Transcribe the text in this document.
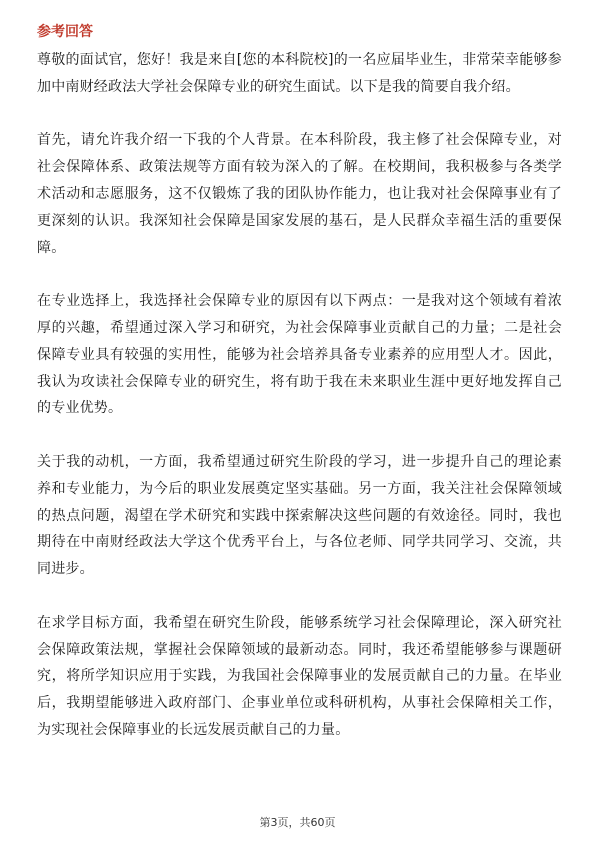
参考回答

尊敬的面试官，您好！我是来自[您的本科院校]的一名应届毕业生，非常荣幸能够参加中南财经政法大学社会保障专业的研究生面试。以下是我的简要自我介绍。

首先，请允许我介绍一下我的个人背景。在本科阶段，我主修了社会保障专业，对社会保障体系、政策法规等方面有较为深入的了解。在校期间，我积极参与各类学术活动和志愿服务，这不仅锻炼了我的团队协作能力，也让我对社会保障事业有了更深刻的认识。我深知社会保障是国家发展的基石，是人民群众幸福生活的重要保障。

在专业选择上，我选择社会保障专业的原因有以下两点：一是我对这个领域有着浓厚的兴趣，希望通过深入学习和研究，为社会保障事业贡献自己的力量；二是社会保障专业具有较强的实用性，能够为社会培养具备专业素养的应用型人才。因此，我认为攻读社会保障专业的研究生，将有助于我在未来职业生涯中更好地发挥自己的专业优势。

关于我的动机，一方面，我希望通过研究生阶段的学习，进一步提升自己的理论素养和专业能力，为今后的职业发展奠定坚实基础。另一方面，我关注社会保障领域的热点问题，渴望在学术研究和实践中探索解决这些问题的有效途径。同时，我也期待在中南财经政法大学这个优秀平台上，与各位老师、同学共同学习、交流，共同进步。

在求学目标方面，我希望在研究生阶段，能够系统学习社会保障理论，深入研究社会保障政策法规，掌握社会保障领域的最新动态。同时，我还希望能够参与课题研究，将所学知识应用于实践，为我国社会保障事业的发展贡献自己的力量。在毕业后，我期望能够进入政府部门、企事业单位或科研机构，从事社会保障相关工作，为实现社会保障事业的长远发展贡献自己的力量。

第3页，共60页
